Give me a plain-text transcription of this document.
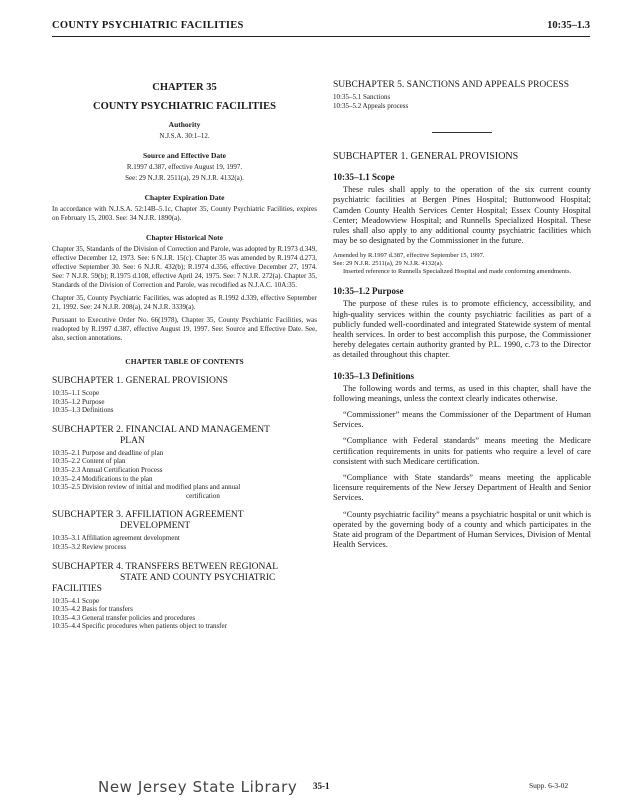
COUNTY PSYCHIATRIC FACILITIES	10:35–1.3
CHAPTER 35
COUNTY PSYCHIATRIC FACILITIES
Authority
N.J.S.A. 30:1–12.
Source and Effective Date
R.1997 d.387, effective August 19, 1997.
See: 29 N.J.R. 2511(a), 29 N.J.R. 4132(a).
Chapter Expiration Date

In accordance with N.J.S.A. 52:14B–5.1c, Chapter 35, County Psychiatric Facilities, expires on February 15, 2003. See: 34 N.J.R. 1890(a).

Chapter Historical Note

Chapter 35, Standards of the Division of Correction and Parole, was adopted by R.1973 d.349, effective December 12, 1973. See: 6 N.J.R. 15(c). Chapter 35 was amended by R.1974 d.273, effective September 30. See: 6 N.J.R. 432(b); R.1974 d.356, effective December 27, 1974. See: 7 N.J.R. 59(b); R.1975 d.108, effective April 24, 1975. See: 7 N.J.R. 272(a). Chapter 35, Standards of the Division of Correction and Parole, was recodified as N.J.A.C. 10A:35.

Chapter 35, County Psychiatric Facilities, was adopted as R.1992 d.339, effective September 21, 1992. See: 24 N.J.R. 208(a), 24 N.J.R. 3339(a).

Pursuant to Executive Order No. 66(1978), Chapter 35, County Psychiatric Facilities, was readopted by R.1997 d.387, effective August 19, 1997. See: Source and Effective Date. See, also, section annotations.

CHAPTER TABLE OF CONTENTS
SUBCHAPTER 1. GENERAL PROVISIONS

10:35–1.1 Scope

10:35–1.2 Purpose

10:35–1.3 Definitions

SUBCHAPTER 2. FINANCIAL AND MANAGEMENT
PLAN

10:35–2.1 Purpose and deadline of plan

10:35–2.2 Content of plan

10:35–2.3 Annual Certification Process

10:35–2.4 Modifications to the plan

10:35–2.5 Division review of initial and modified plans and annual
certification

SUBCHAPTER 3. AFFILIATION AGREEMENT
DEVELOPMENT

10:35–3.1 Affiliation agreement development

10:35–3.2 Review process

SUBCHAPTER 4. TRANSFERS BETWEEN REGIONAL
STATE AND COUNTY PSYCHIATRIC
FACILITIES

10:35–4.1 Scope

10:35–4.2 Basis for transfers

10:35–4.3 General transfer policies and procedures

10:35–4.4 Specific procedures when patients object to transfer

SUBCHAPTER 5. SANCTIONS AND APPEALS PROCESS

10:35–5.1 Sanctions

10:35–5.2 Appeals process

SUBCHAPTER 1. GENERAL PROVISIONS
10:35–1.1 Scope

These rules shall apply to the operation of the six current county psychiatric facilities at Bergen Pines Hospital; Buttonwood Hospital; Camden County Health Services Center Hospital; Essex County Hospital Center; Meadowview Hospital; and Runnells Specialized Hospital. These rules shall also apply to any additional county psychiatric facilities which may be so designated by the Commissioner in the future.

Amended by R.1997 d.387, effective September 15, 1997.

See: 29 N.J.R. 2511(a), 29 N.J.R. 4132(a).

Inserted reference to Runnells Specialized Hospital and made conforming amendments.

10:35–1.2 Purpose

The purpose of these rules is to promote efficiency, accessibility, and high-quality services within the county psychiatric facilities as part of a publicly funded well-coordinated and integrated Statewide system of mental health services. In order to best accomplish this purpose, the Commissioner hereby delegates certain authority granted by P.L. 1990, c.73 to the Director as detailed throughout this chapter.

10:35–1.3 Definitions

The following words and terms, as used in this chapter, shall have the following meanings, unless the context clearly indicates otherwise.

“Commissioner” means the Commissioner of the Department of Human Services.

“Compliance with Federal standards” means meeting the Medicare certification requirements in units for patients who require a level of care consistent with such Medicare certification.

“Compliance with State standards” means meeting the applicable licensure requirements of the New Jersey Department of Health and Senior Services.

“County psychiatric facility” means a psychiatric hospital or unit which is operated by the governing body of a county and which participates in the State aid program of the Department of Human Services, Division of Mental Health Services.

New Jersey State Library 35-1	Supp. 6-3-02
